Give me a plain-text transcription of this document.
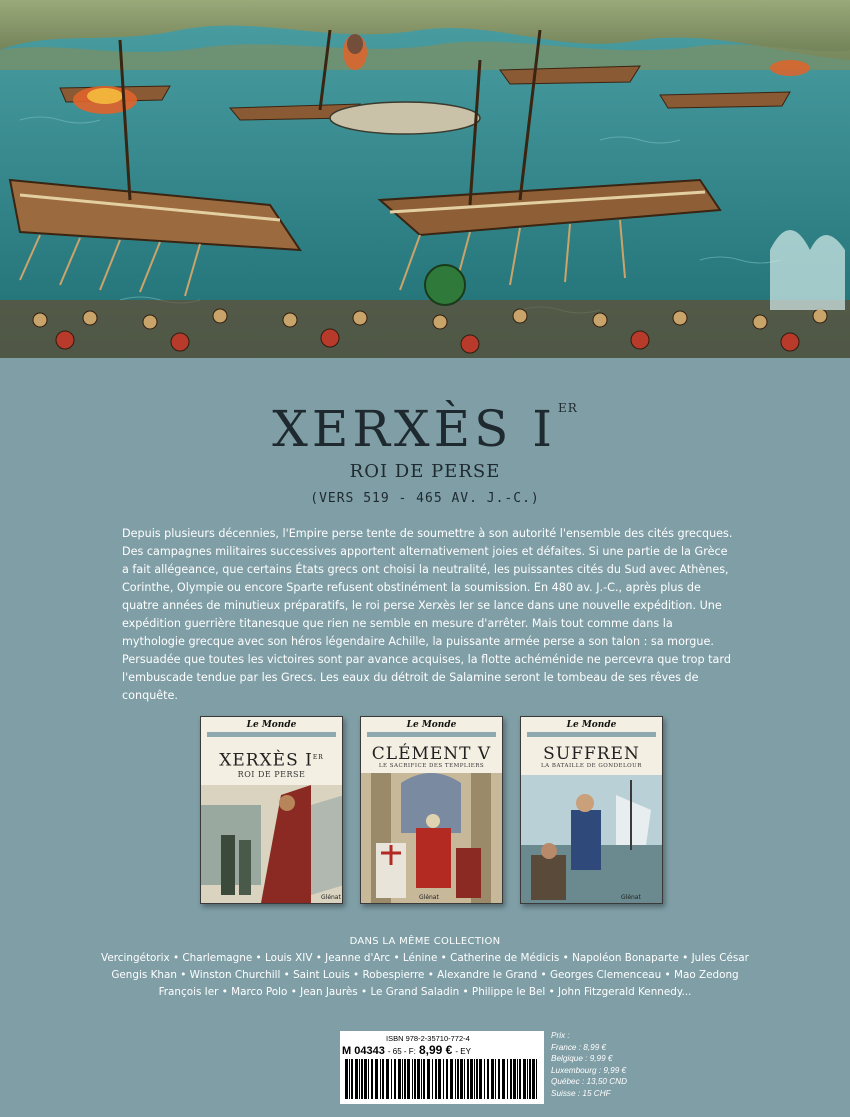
XERXÈS I $^{ER}$
ROI DE PERSE
(VERS 519 - 465 AV. J.-C.)
Depuis plusieurs décennies, l'Empire perse tente de soumettre à son autorité l'ensemble des cités grecques. Des campagnes militaires successives apportent alternativement joies et défaites. Si une partie de la Grèce a fait allégeance, que certains États grecs ont choisi la neutralité, les puissantes cités du Sud avec Athènes, Corinthe, Olympie ou encore Sparte refusent obstinément la soumission. En 480 av. J.-C., après plus de quatre années de minutieux préparatifs, le roi perse Xerxès Ier se lance dans une nouvelle expédition. Une expédition guerrière titanesque que rien ne semble en mesure d'arrêter. Mais tout comme dans la mythologie grecque avec son héros légendaire Achille, la puissante armée perse a son talon : sa morgue. Persuadée que toutes les victoires sont par avance acquises, la flotte achéménide ne percevra que trop tard l'embuscade tendue par les Grecs. Les eaux du détroit de Salamine seront le tombeau de ses rêves de conquête.
Le Monde
XERXÈS IER
ROI DE PERSE
Glénat
Le Monde
CLÉMENT V
LE SACRIFICE DES TEMPLIERS
Glénat
Le Monde
SUFFREN
LA BATAILLE DE GONDELOUR
Glénat
DANS LA MÊME COLLECTION
Vercingétorix • Charlemagne • Louis XIV • Jeanne d'Arc • Lénine • Catherine de Médicis • Napoléon Bonaparte • Jules César
Gengis Khan • Winston Churchill • Saint Louis • Robespierre • Alexandre le Grand • Georges Clemenceau • Mao Zedong
François Ier • Marco Polo • Jean Jaurès • Le Grand Saladin • Philippe le Bel • John Fitzgerald Kennedy...
ISBN 978-2-35710-772-4
M 04343 - 65 - F: 8,99 € - EY
Prix :
France : 8,99 €
Belgique : 9,99 €
Luxembourg : 9,99 €
Québec : 13,50 CND
Suisse : 15 CHF
